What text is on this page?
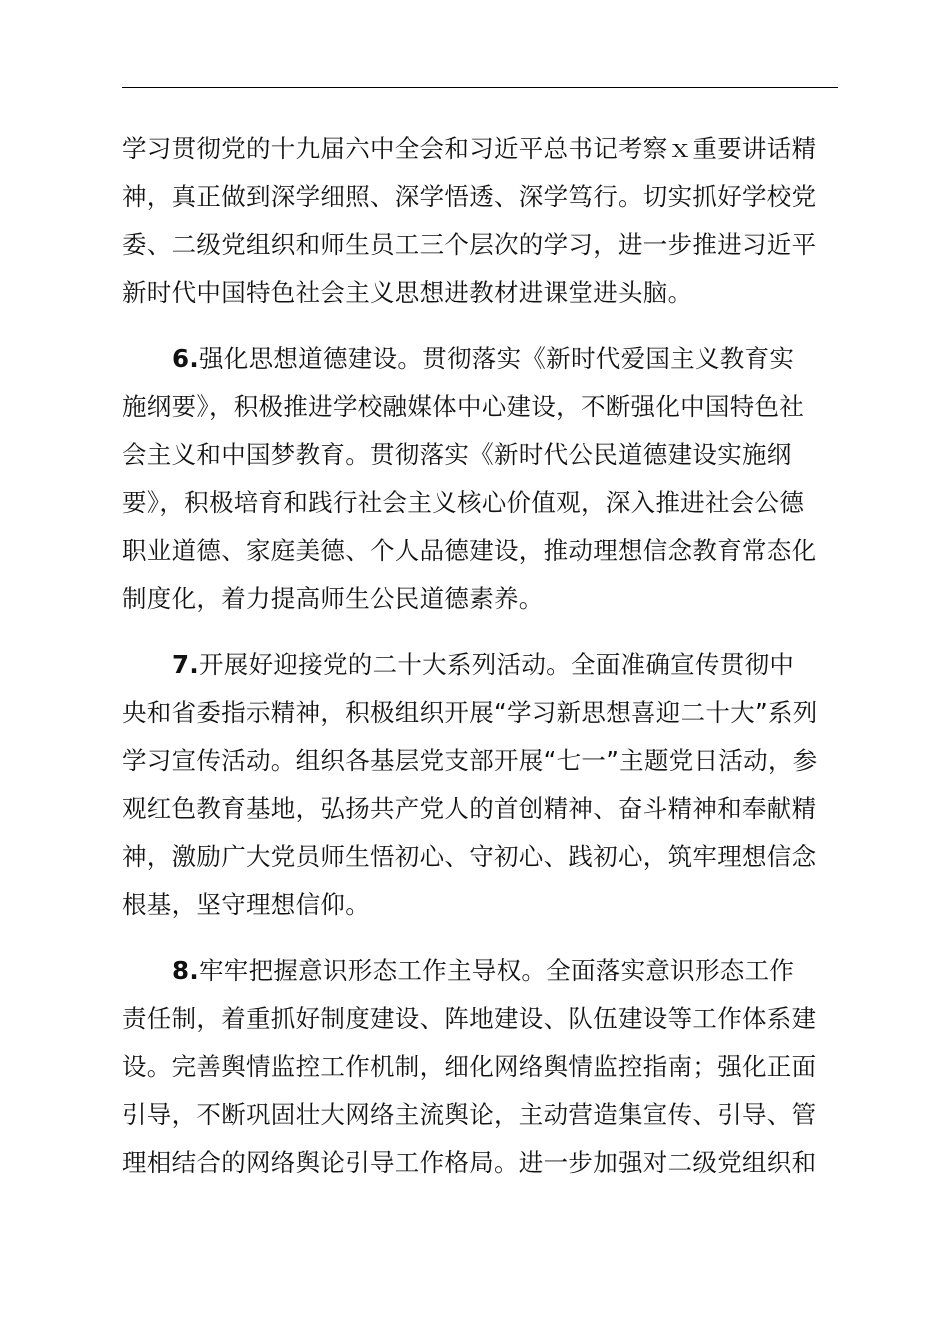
学习贯彻党的十九届六中全会和习近平总书记考察ｘ重要讲话精
神，真正做到深学细照、深学悟透、深学笃行。切实抓好学校党
委、二级党组织和师生员工三个层次的学习，进一步推进习近平
新时代中国特色社会主义思想进教材进课堂进头脑。
6.强化思想道德建设。贯彻落实《新时代爱国主义教育实
施纲要》，积极推进学校融媒体中心建设，不断强化中国特色社
会主义和中国梦教育。贯彻落实《新时代公民道德建设实施纲
要》，积极培育和践行社会主义核心价值观，深入推进社会公德
职业道德、家庭美德、个人品德建设，推动理想信念教育常态化
制度化，着力提高师生公民道德素养。
7.开展好迎接党的二十大系列活动。全面准确宣传贯彻中
央和省委指示精神，积极组织开展“学习新思想喜迎二十大”系列
学习宣传活动。组织各基层党支部开展“七一”主题党日活动，参
观红色教育基地，弘扬共产党人的首创精神、奋斗精神和奉献精
神，激励广大党员师生悟初心、守初心、践初心，筑牢理想信念
根基，坚守理想信仰。
8.牢牢把握意识形态工作主导权。全面落实意识形态工作
责任制，着重抓好制度建设、阵地建设、队伍建设等工作体系建
设。完善舆情监控工作机制，细化网络舆情监控指南；强化正面
引导，不断巩固壮大网络主流舆论，主动营造集宣传、引导、管
理相结合的网络舆论引导工作格局。进一步加强对二级党组织和
